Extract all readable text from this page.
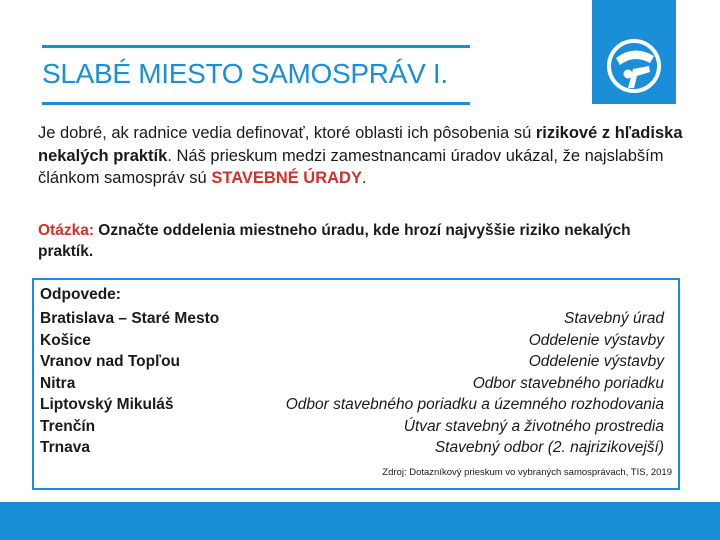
SLABÉ MIESTO SAMOSPRÁV I.
Je dobré, ak radnice vedia definovať, ktoré oblasti ich pôsobenia sú rizikové z hľadiska nekalých praktík. Náš prieskum medzi zamestnancami úradov ukázal, že najslabším článkom samospráv sú STAVEBNÉ ÚRADY.
Otázka: Označte oddelenia miestneho úradu, kde hrozí najvyššie riziko nekalých praktík.
Odpovede:
Bratislava – Staré Mesto	Stavebný úrad
Košice	Oddelenie výstavby
Vranov nad Topľou	Oddelenie výstavby
Nitra	Odbor stavebného poriadku
Liptovský Mikuláš	Odbor stavebného poriadku a územného rozhodovania
Trenčín	Útvar stavebný a životného prostredia
Trnava	Stavebný odbor (2. najrizikovejší)
Zdroj: Dotazníkový prieskum vo vybraných samosprávach, TIS, 2019
